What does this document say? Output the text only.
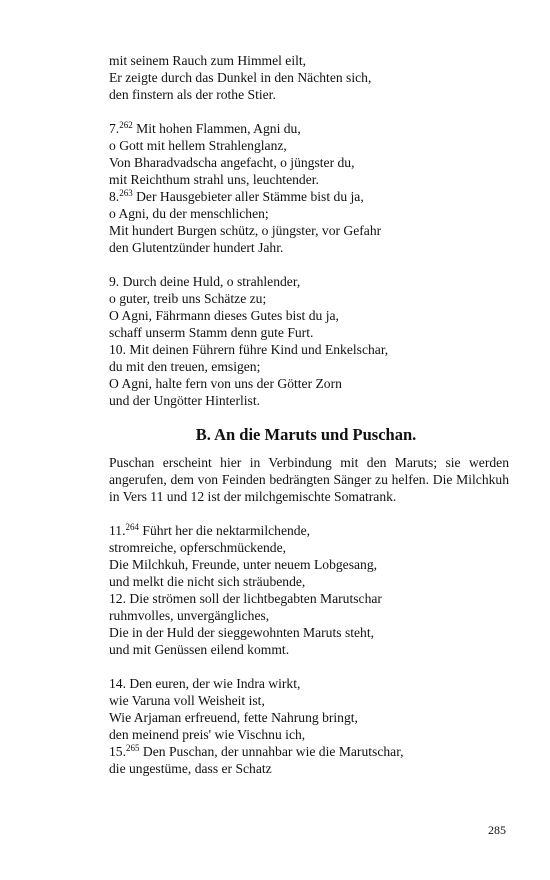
mit seinem Rauch zum Himmel eilt,
Er zeigte durch das Dunkel in den Nächten sich,
den finstern als der rothe Stier.
7.$^{262}$ Mit hohen Flammen, Agni du,
o Gott mit hellem Strahlenglanz,
Von Bharadvadscha angefacht, o jüngster du,
mit Reichthum strahl uns, leuchtender.
8.$^{263}$ Der Hausgebieter aller Stämme bist du ja,
o Agni, du der menschlichen;
Mit hundert Burgen schütz, o jüngster, vor Gefahr
den Glutentzünder hundert Jahr.
9. Durch deine Huld, o strahlender,
o guter, treib uns Schätze zu;
O Agni, Fährmann dieses Gutes bist du ja,
schaff unserm Stamm denn gute Furt.
10. Mit deinen Führern führe Kind und Enkelschar,
du mit den treuen, emsigen;
O Agni, halte fern von uns der Götter Zorn
und der Ungötter Hinterlist.
B. An die Maruts und Puschan.
Puschan erscheint hier in Verbindung mit den Maruts; sie werden angerufen, dem von Feinden bedrängten Sänger zu helfen. Die Milchkuh in Vers 11 und 12 ist der milchgemischte Somatrank.
11.$^{264}$ Führt her die nektarmilchende,
stromreiche, opferschmückende,
Die Milchkuh, Freunde, unter neuem Lobgesang,
und melkt die nicht sich sträubende,
12. Die strömen soll der lichtbegabten Marutschar
ruhmvolles, unvergängliches,
Die in der Huld der sieggewohnten Maruts steht,
und mit Genüssen eilend kommt.
14. Den euren, der wie Indra wirkt,
wie Varuna voll Weisheit ist,
Wie Arjaman erfreuend, fette Nahrung bringt,
den meinend preis' wie Vischnu ich,
15.$^{265}$ Den Puschan, der unnahbar wie die Marutschar,
die ungestüme, dass er Schatz
285
